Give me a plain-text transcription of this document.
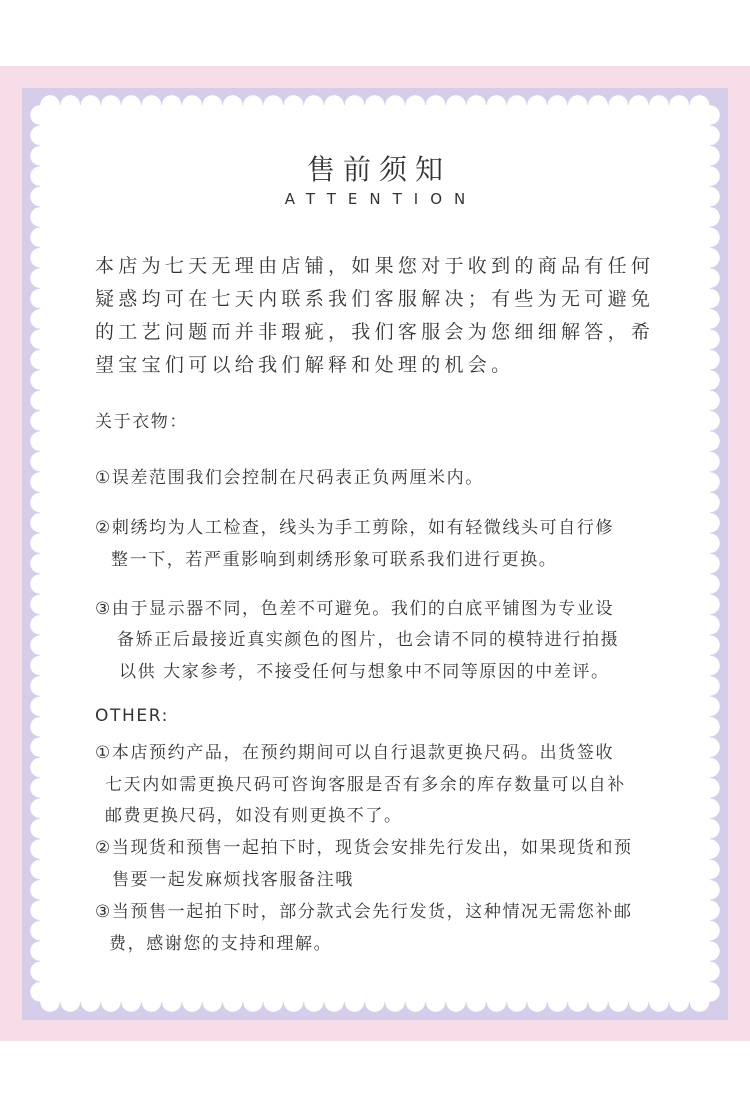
售前须知
ATTENTION

本店为七天无理由店铺，如果您对于收到的商品有任何疑惑均可在七天内联系我们客服解决；有些为无可避免的工艺问题而并非瑕疵，我们客服会为您细细解答，希望宝宝们可以给我们解释和处理的机会。

关于衣物：
①误差范围我们会控制在尺码表正负两厘米内。
②刺绣均为人工检查，线头为手工剪除，如有轻微线头可自行修
整一下，若严重影响到刺绣形象可联系我们进行更换。
③由于显示器不同，色差不可避免。我们的白底平铺图为专业设
备矫正后最接近真实颜色的图片，也会请不同的模特进行拍摄
以供 大家参考，不接受任何与想象中不同等原因的中差评。
OTHER:
①本店预约产品，在预约期间可以自行退款更换尺码。出货签收
七天内如需更换尺码可咨询客服是否有多余的库存数量可以自补
邮费更换尺码，如没有则更换不了。
②当现货和预售一起拍下时，现货会安排先行发出，如果现货和预
售要一起发麻烦找客服备注哦
③当预售一起拍下时，部分款式会先行发货，这种情况无需您补邮
费，感谢您的支持和理解。
